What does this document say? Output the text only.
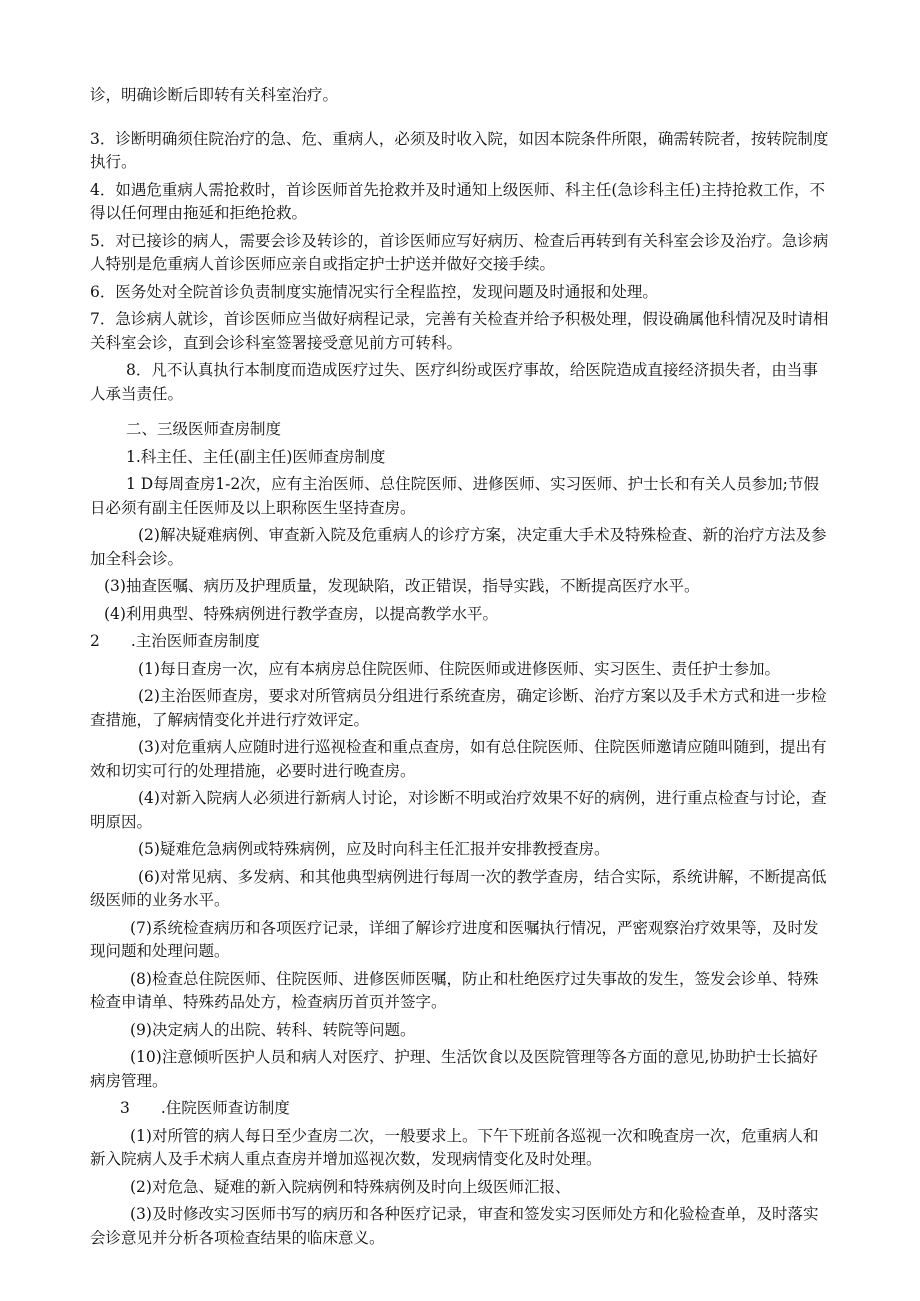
诊，明确诊断后即转有关科室治疗。

3．诊断明确须住院治疗的急、危、重病人，必须及时收入院，如因本院条件所限，确需转院者，按转院制度执行。

4．如遇危重病人需抢救时，首诊医师首先抢救并及时通知上级医师、科主任(急诊科主任)主持抢救工作，不得以任何理由拖延和拒绝抢救。

5．对已接诊的病人，需要会诊及转诊的，首诊医师应写好病历、检查后再转到有关科室会诊及治疗。急诊病人特别是危重病人首诊医师应亲自或指定护士护送并做好交接手续。

6．医务处对全院首诊负责制度实施情况实行全程监控，发现问题及时通报和处理。

7．急诊病人就诊，首诊医师应当做好病程记录，完善有关检查并给予积极处理，假设确属他科情况及时请相关科室会诊，直到会诊科室签署接受意见前方可转科。

8．凡不认真执行本制度而造成医疗过失、医疗纠纷或医疗事故，给医院造成直接经济损失者，由当事人承当责任。

二、三级医师查房制度

1.科主任、主任(副主任)医师查房制度

1 D每周查房1-2次，应有主治医师、总住院医师、进修医师、实习医师、护士长和有关人员参加;节假日必须有副主任医师及以上职称医生坚持查房。

(2)解决疑难病例、审查新入院及危重病人的诊疗方案，决定重大手术及特殊检查、新的治疗方法及参加全科会诊。

(3)抽查医嘱、病历及护理质量，发现缺陷，改正错误，指导实践，不断提高医疗水平。

(4)利用典型、特殊病例进行教学查房，以提高教学水平。

2　　.主治医师查房制度

(1)每日查房一次，应有本病房总住院医师、住院医师或进修医师、实习医生、责任护士参加。

(2)主治医师查房，要求对所管病员分组进行系统查房，确定诊断、治疗方案以及手术方式和进一步检查措施，了解病情变化并进行疗效评定。

(3)对危重病人应随时进行巡视检查和重点查房，如有总住院医师、住院医师邀请应随叫随到，提出有效和切实可行的处理措施，必要时进行晚查房。

(4)对新入院病人必须进行新病人讨论，对诊断不明或治疗效果不好的病例，进行重点检查与讨论，查明原因。

(5)疑难危急病例或特殊病例，应及时向科主任汇报并安排教授查房。

(6)对常见病、多发病、和其他典型病例进行每周一次的教学查房，结合实际，系统讲解，不断提高低级医师的业务水平。

(7)系统检查病历和各项医疗记录，详细了解诊疗进度和医嘱执行情况，严密观察治疗效果等，及时发现问题和处理问题。

(8)检查总住院医师、住院医师、进修医师医嘱，防止和杜绝医疗过失事故的发生，签发会诊单、特殊检查申请单、特殊药品处方，检查病历首页并签字。

(9)决定病人的出院、转科、转院等问题。

(10)注意倾听医护人员和病人对医疗、护理、生活饮食以及医院管理等各方面的意见,协助护士长搞好病房管理。

3　　.住院医师查访制度

(1)对所管的病人每日至少查房二次，一般要求上。下午下班前各巡视一次和晚查房一次，危重病人和新入院病人及手术病人重点查房并增加巡视次数，发现病情变化及时处理。

(2)对危急、疑难的新入院病例和特殊病例及时向上级医师汇报、

(3)及时修改实习医师书写的病历和各种医疗记录，审查和签发实习医师处方和化验检查单，及时落实会诊意见并分析各项检查结果的临床意义。
